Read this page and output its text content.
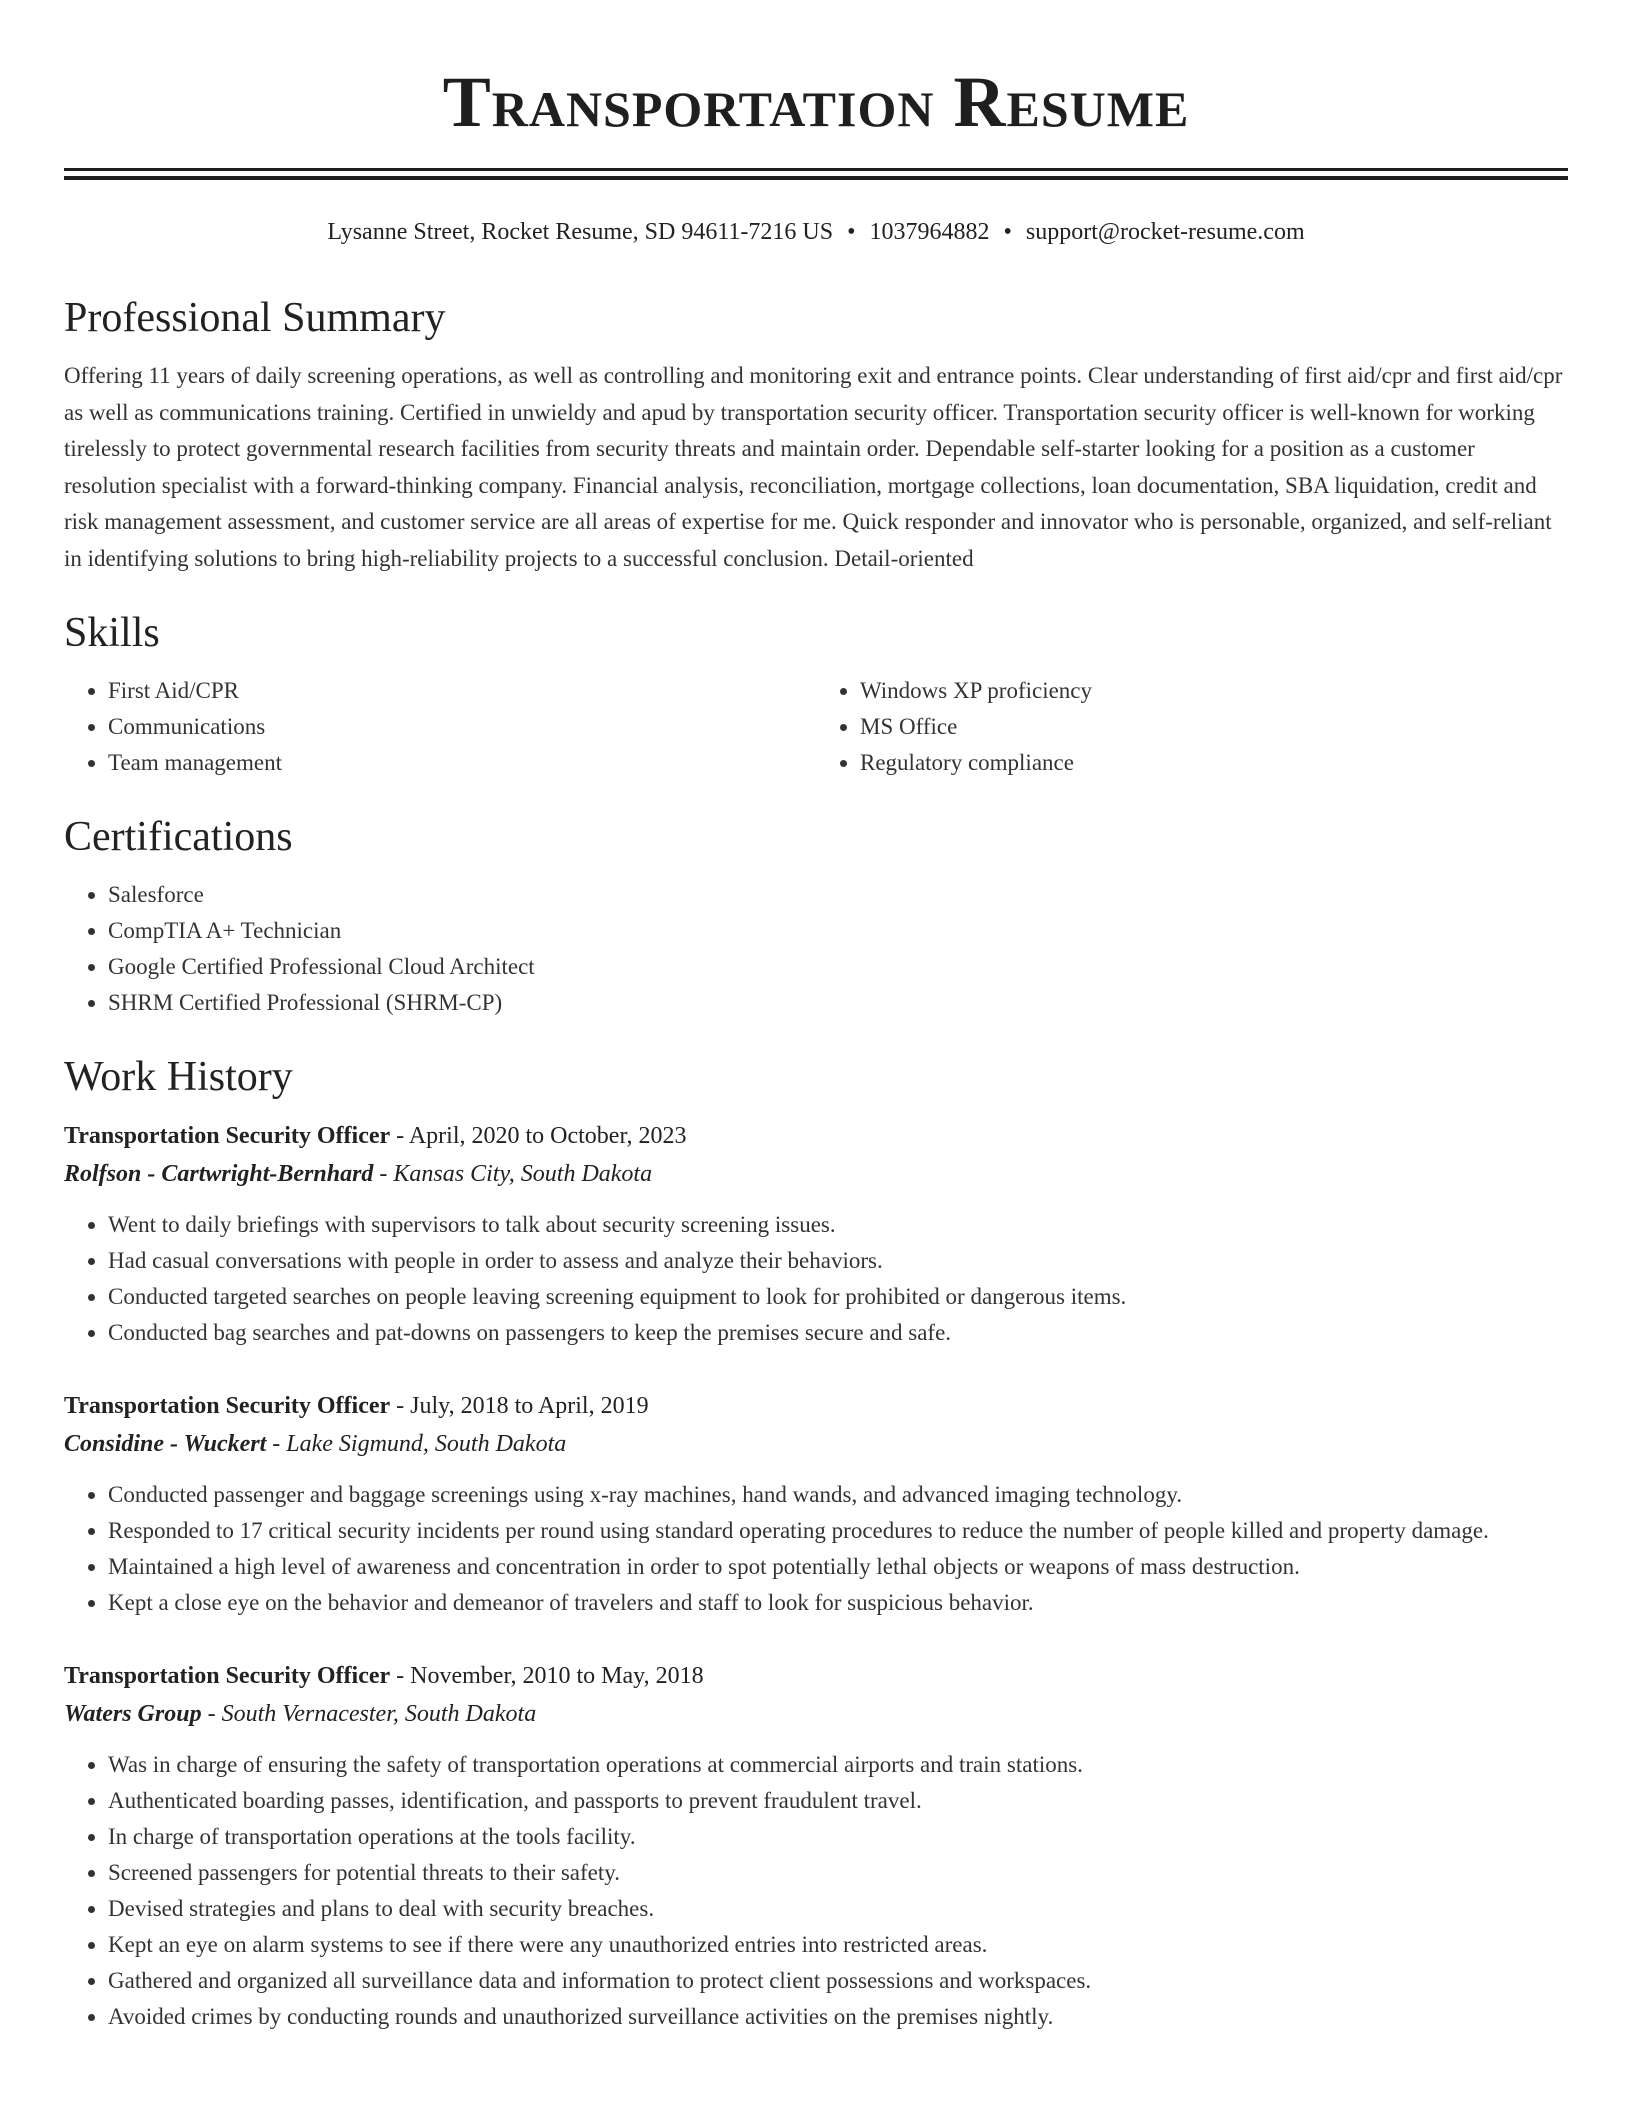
Transportation Resume
Lysanne Street, Rocket Resume, SD 94611-7216 US • 1037964882 • support@rocket-resume.com
Professional Summary

Offering 11 years of daily screening operations, as well as controlling and monitoring exit and entrance points. Clear understanding of first aid/cpr and first aid/cpr as well as communications training. Certified in unwieldy and apud by transportation security officer. Transportation security officer is well-known for working tirelessly to protect governmental research facilities from security threats and maintain order. Dependable self-starter looking for a position as a customer resolution specialist with a forward-thinking company. Financial analysis, reconciliation, mortgage collections, loan documentation, SBA liquidation, credit and risk management assessment, and customer service are all areas of expertise for me. Quick responder and innovator who is personable, organized, and self-reliant in identifying solutions to bring high-reliability projects to a successful conclusion. Detail-oriented

Skills
• First Aid/CPR
• Communications
• Team management
• Windows XP proficiency
• MS Office
• Regulatory compliance
Certifications
• Salesforce
• CompTIA A+ Technician
• Google Certified Professional Cloud Architect
• SHRM Certified Professional (SHRM-CP)
Work History
Transportation Security Officer - April, 2020 to October, 2023
Rolfson - Cartwright-Bernhard - Kansas City, South Dakota
• Went to daily briefings with supervisors to talk about security screening issues.
• Had casual conversations with people in order to assess and analyze their behaviors.
• Conducted targeted searches on people leaving screening equipment to look for prohibited or dangerous items.
• Conducted bag searches and pat-downs on passengers to keep the premises secure and safe.
Transportation Security Officer - July, 2018 to April, 2019
Considine - Wuckert - Lake Sigmund, South Dakota
• Conducted passenger and baggage screenings using x-ray machines, hand wands, and advanced imaging technology.
• Responded to 17 critical security incidents per round using standard operating procedures to reduce the number of people killed and property damage.
• Maintained a high level of awareness and concentration in order to spot potentially lethal objects or weapons of mass destruction.
• Kept a close eye on the behavior and demeanor of travelers and staff to look for suspicious behavior.
Transportation Security Officer - November, 2010 to May, 2018
Waters Group - South Vernacester, South Dakota
• Was in charge of ensuring the safety of transportation operations at commercial airports and train stations.
• Authenticated boarding passes, identification, and passports to prevent fraudulent travel.
• In charge of transportation operations at the tools facility.
• Screened passengers for potential threats to their safety.
• Devised strategies and plans to deal with security breaches.
• Kept an eye on alarm systems to see if there were any unauthorized entries into restricted areas.
• Gathered and organized all surveillance data and information to protect client possessions and workspaces.
• Avoided crimes by conducting rounds and unauthorized surveillance activities on the premises nightly.
